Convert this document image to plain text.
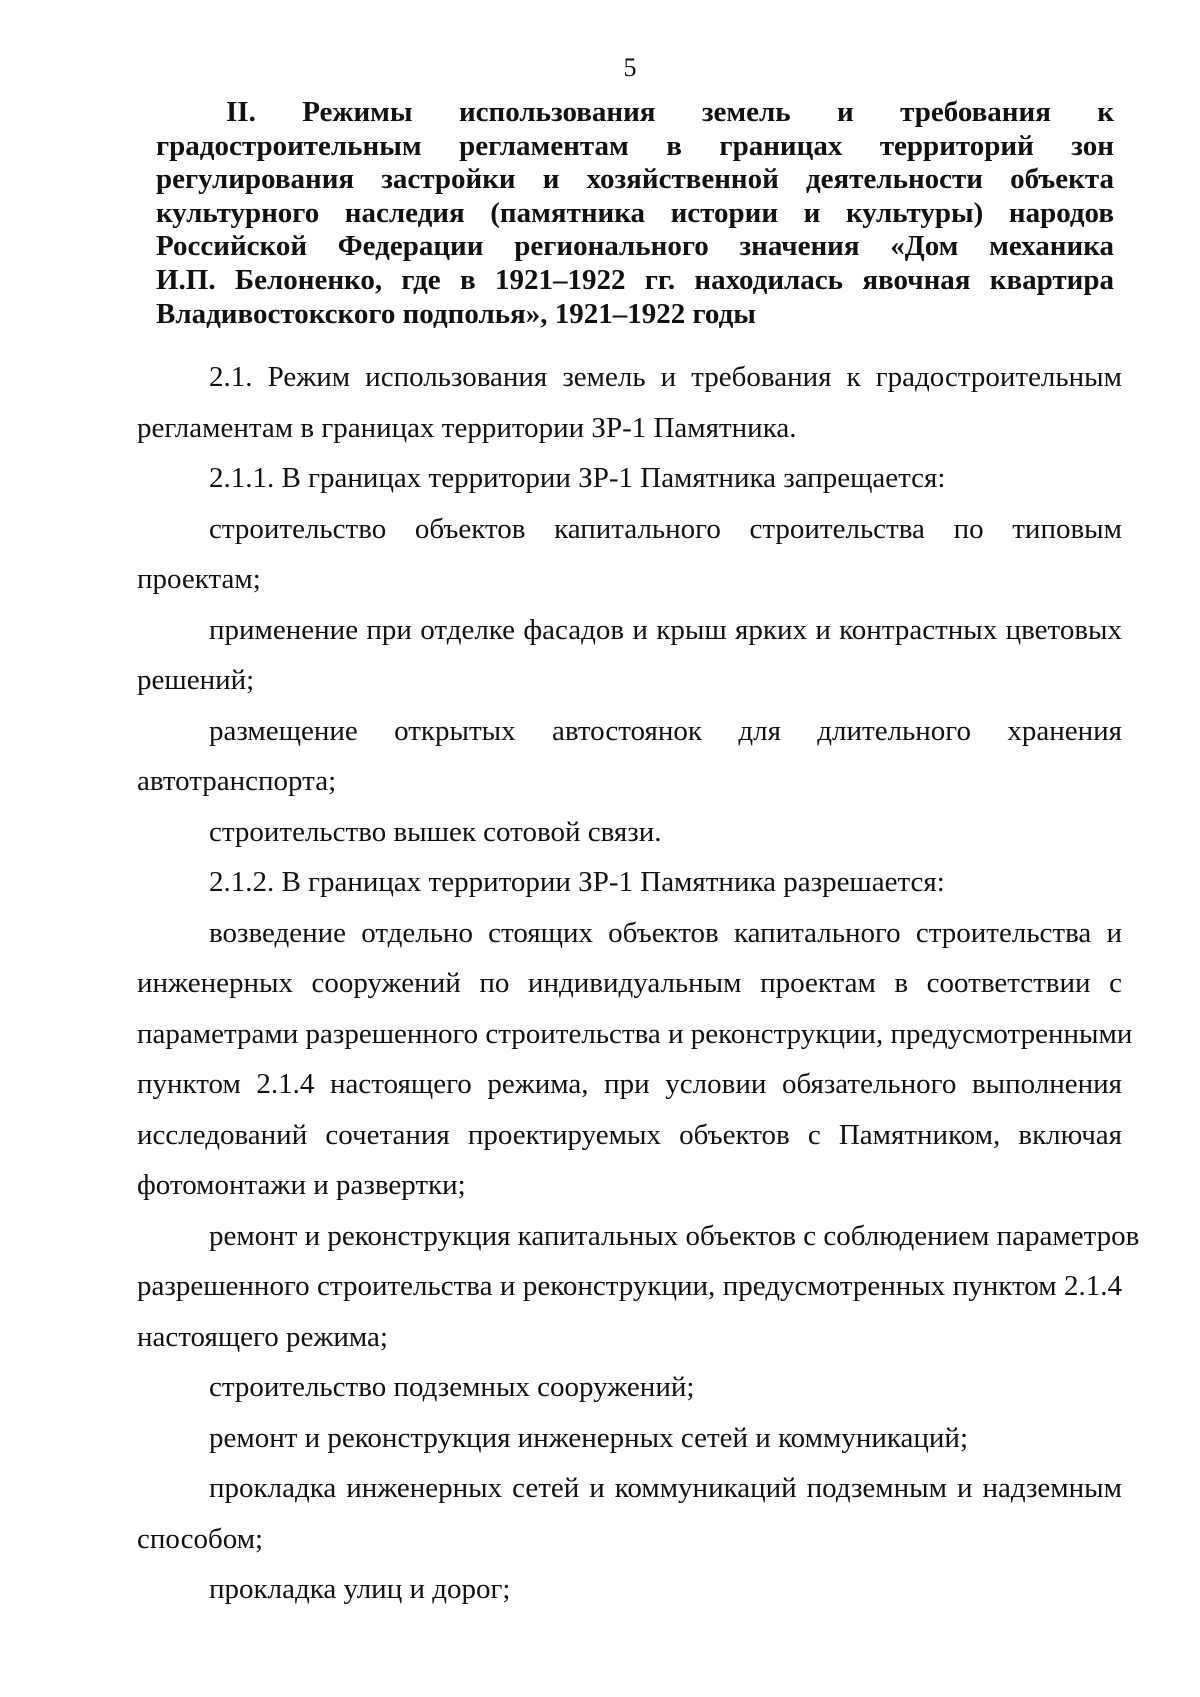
5
II. Режимы использования земель и требования к
градостроительным регламентам в границах территорий зон
регулирования застройки и хозяйственной деятельности объекта
культурного наследия (памятника истории и культуры) народов
Российской Федерации регионального значения «Дом механика
И.П. Белоненко, где в 1921–1922 гг. находилась явочная квартира
Владивостокского подполья», 1921–1922 годы
2.1. Режим использования земель и требования к градостроительным
регламентам в границах территории ЗР-1 Памятника.
2.1.1. В границах территории ЗР-1 Памятника запрещается:
строительство объектов капитального строительства по типовым
проектам;
применение при отделке фасадов и крыш ярких и контрастных цветовых
решений;
размещение открытых автостоянок для длительного хранения
автотранспорта;
строительство вышек сотовой связи.
2.1.2. В границах территории ЗР-1 Памятника разрешается:
возведение отдельно стоящих объектов капитального строительства и
инженерных сооружений по индивидуальным проектам в соответствии с
параметрами разрешенного строительства и реконструкции, предусмотренными
пунктом 2.1.4 настоящего режима, при условии обязательного выполнения
исследований сочетания проектируемых объектов с Памятником, включая
фотомонтажи и развертки;
ремонт и реконструкция капитальных объектов с соблюдением параметров
разрешенного строительства и реконструкции, предусмотренных пунктом 2.1.4
настоящего режима;
строительство подземных сооружений;
ремонт и реконструкция инженерных сетей и коммуникаций;
прокладка инженерных сетей и коммуникаций подземным и надземным
способом;
прокладка улиц и дорог;
